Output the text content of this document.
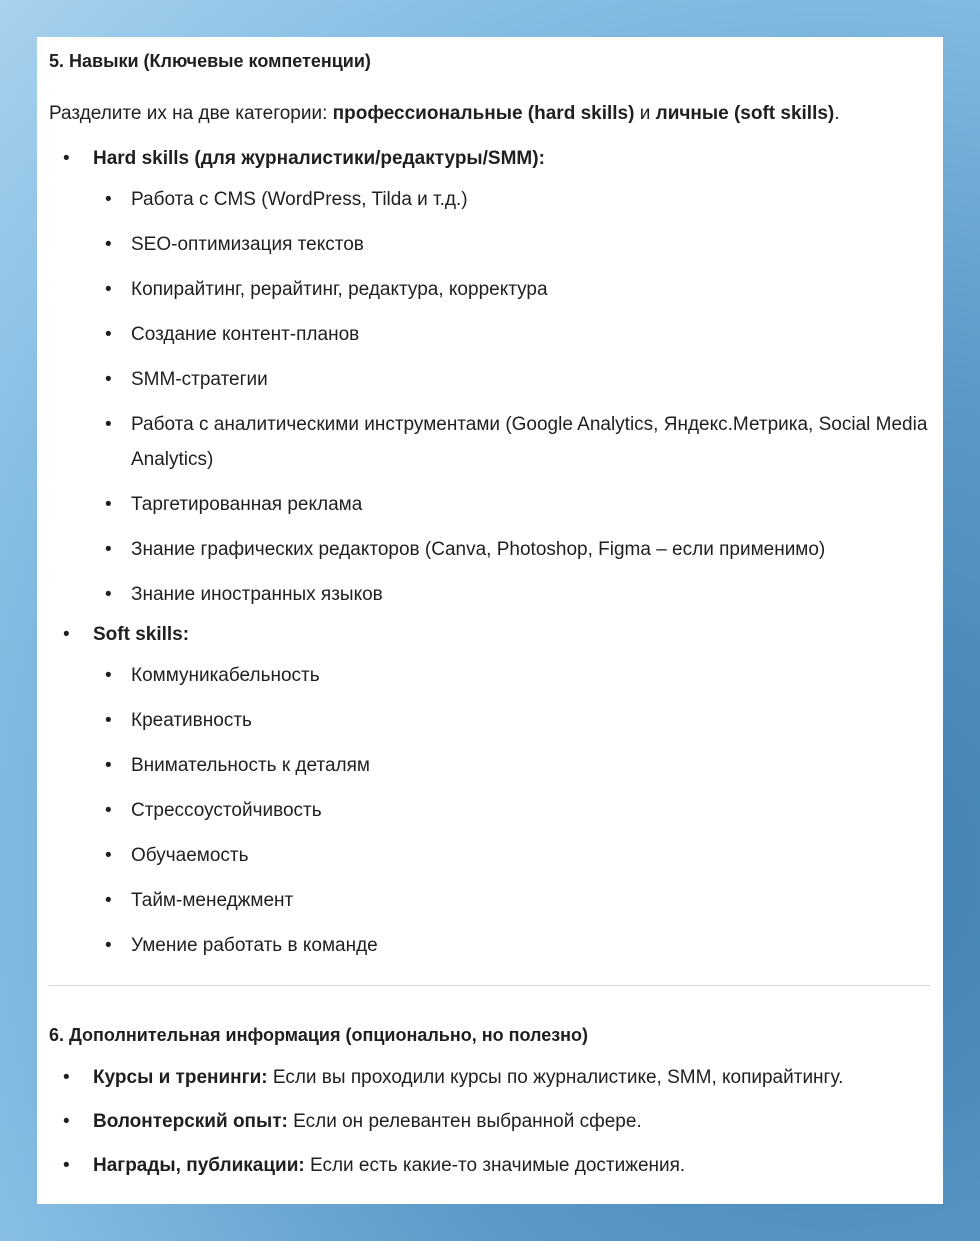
5. Навыки (Ключевые компетенции)

Разделите их на две категории: профессиональные (hard skills) и личные (soft skills).

• Hard skills (для журналистики/редактуры/SMM):
• Работа с CMS (WordPress, Tilda и т.д.)
• SEO-оптимизация текстов
• Копирайтинг, рерайтинг, редактура, корректура
• Создание контент-планов
• SMM-стратегии
• Работа с аналитическими инструментами (Google Analytics, Яндекс.Метрика, Social Media Analytics)
• Таргетированная реклама
• Знание графических редакторов (Canva, Photoshop, Figma – если применимо)
• Знание иностранных языков
• Soft skills:
• Коммуникабельность
• Креативность
• Внимательность к деталям
• Стрессоустойчивость
• Обучаемость
• Тайм-менеджмент
• Умение работать в команде

6. Дополнительная информация (опционально, но полезно)

• Курсы и тренинги: Если вы проходили курсы по журналистике, SMM, копирайтингу.
• Волонтерский опыт: Если он релевантен выбранной сфере.
• Награды, публикации: Если есть какие-то значимые достижения.
